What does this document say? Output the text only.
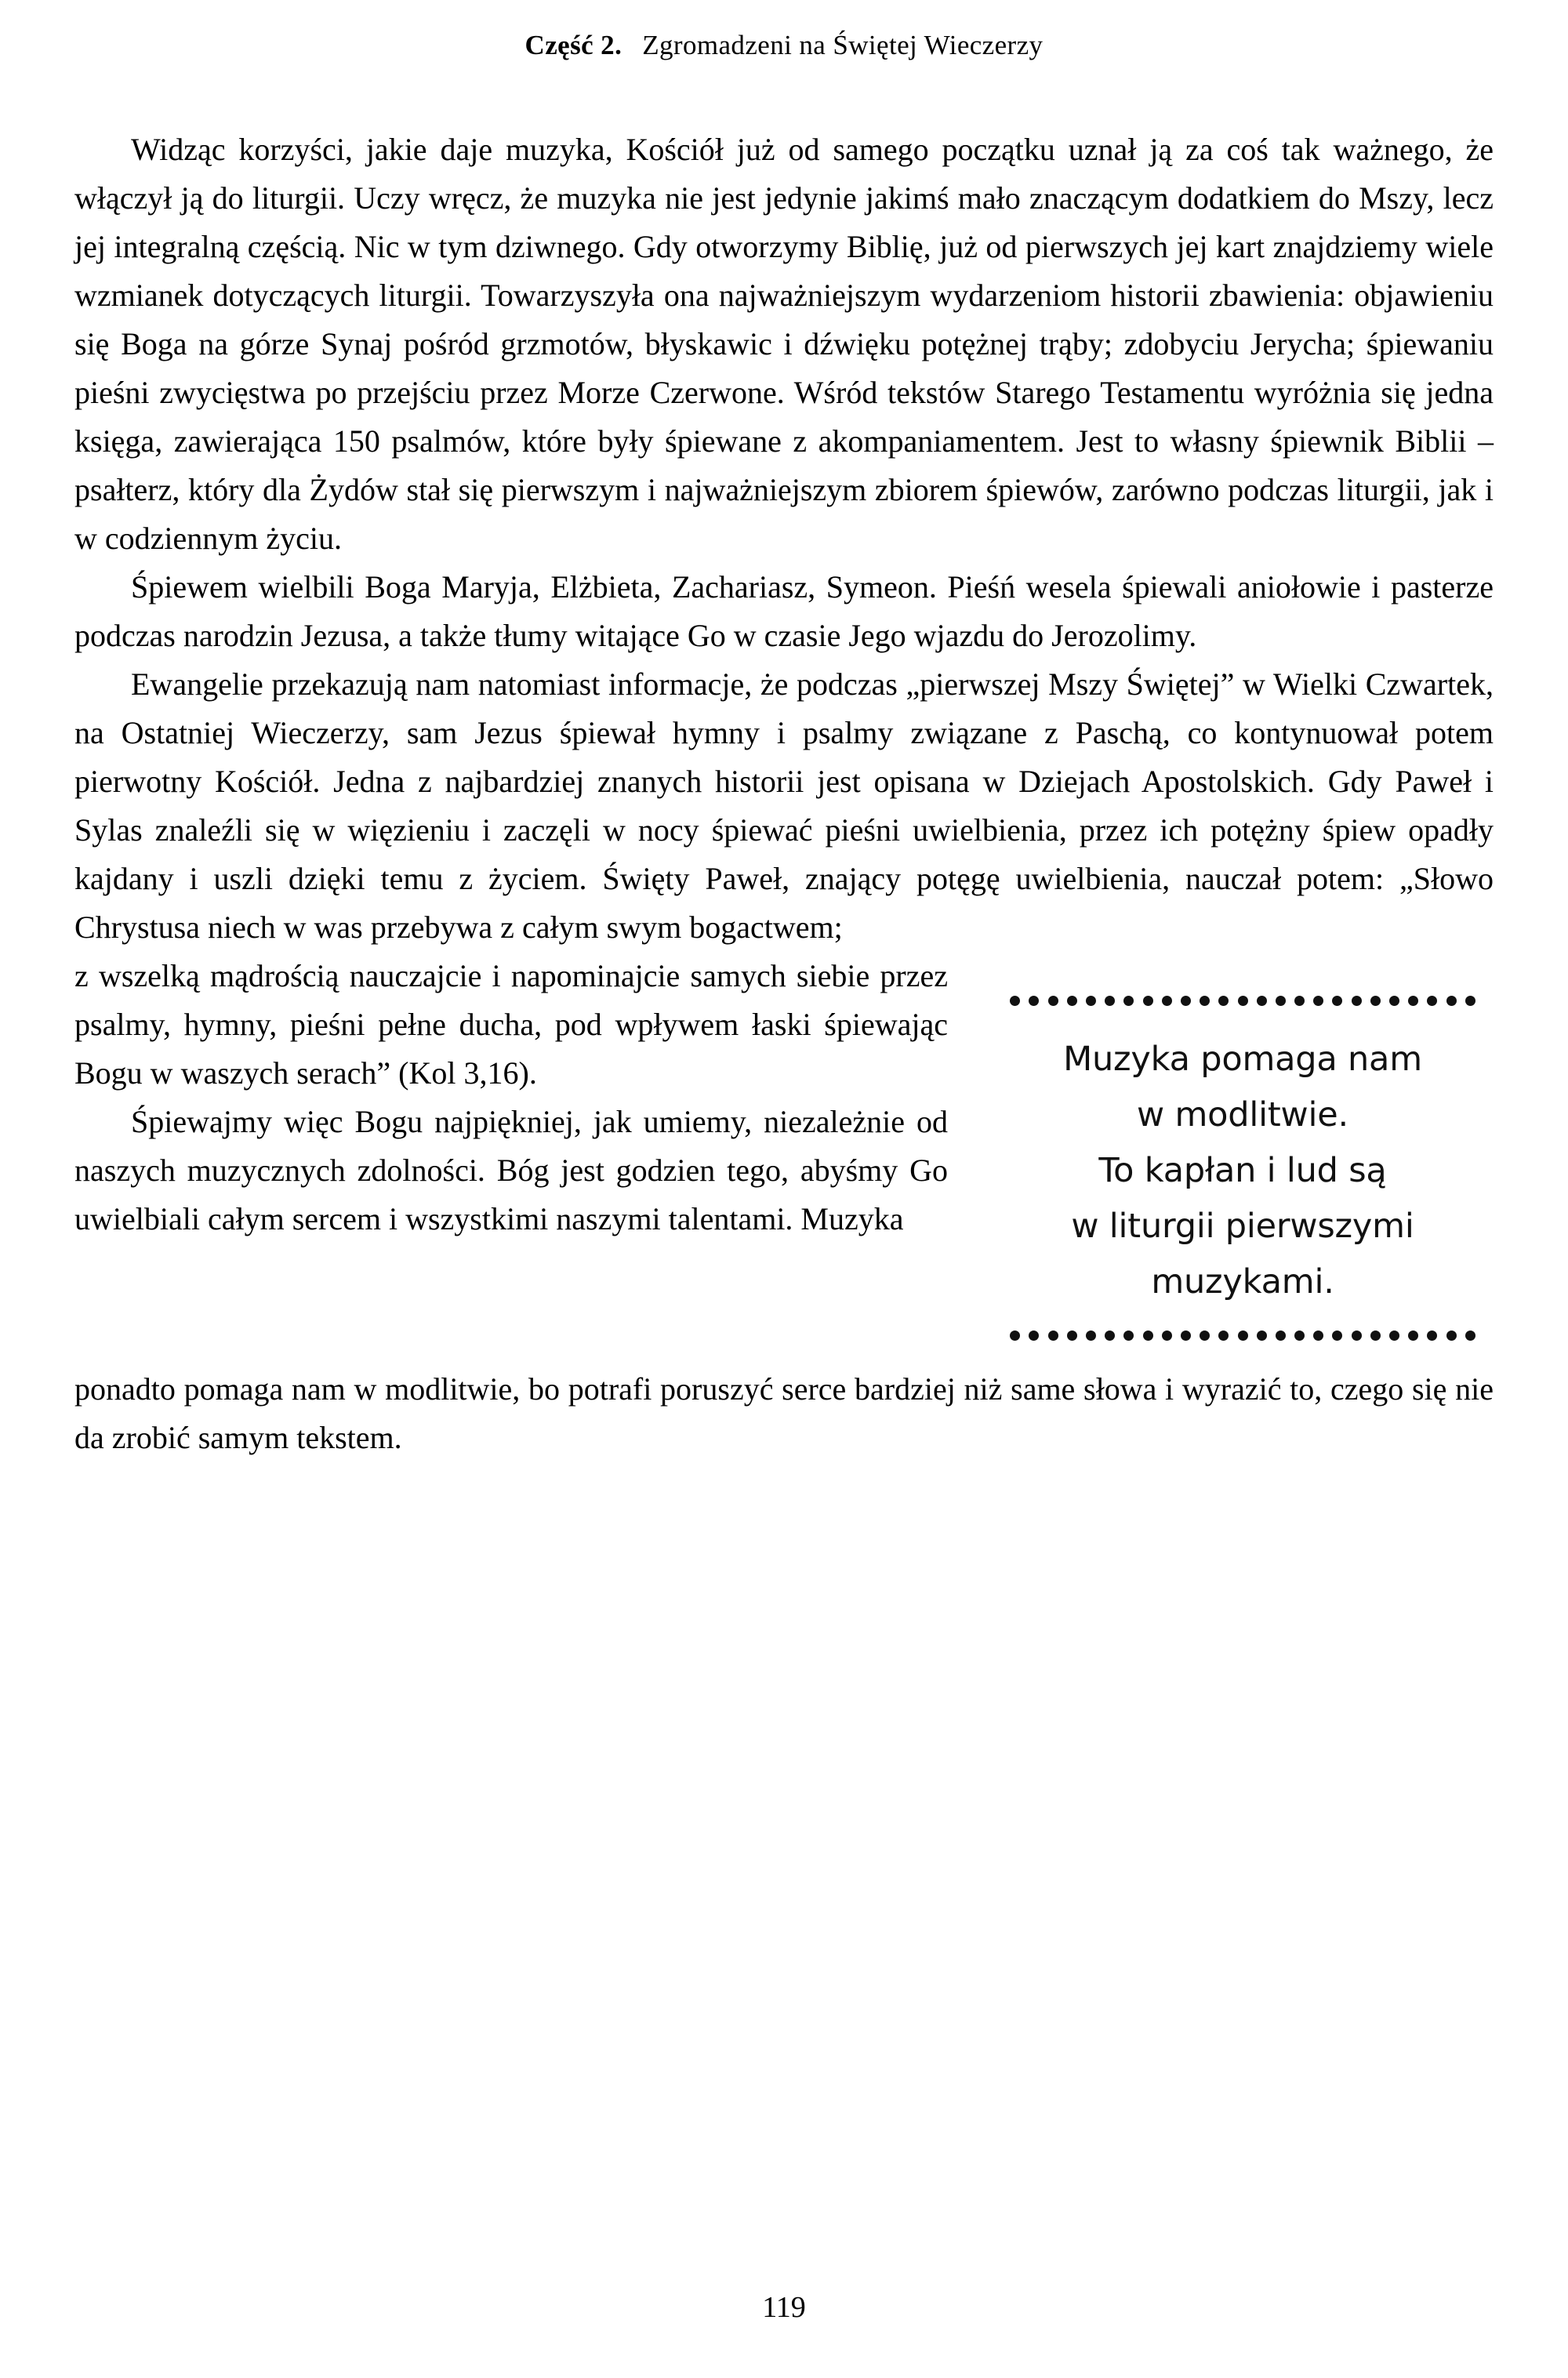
Część 2. Zgromadzeni na Świętej Wieczerzy

Widząc korzyści, jakie daje muzyka, Kościół już od samego początku uznał ją za coś tak ważnego, że włączył ją do liturgii. Uczy wręcz, że muzyka nie jest jedynie jakimś mało znaczącym dodatkiem do Mszy, lecz jej integralną częścią. Nic w tym dziwnego. Gdy otworzymy Biblię, już od pierwszych jej kart znajdziemy wiele wzmianek dotyczących liturgii. Towarzyszyła ona najważniejszym wydarzeniom historii zbawienia: objawieniu się Boga na górze Synaj pośród grzmotów, błyskawic i dźwięku potężnej trąby; zdobyciu Jerycha; śpiewaniu pieśni zwycięstwa po przejściu przez Morze Czerwone. Wśród tekstów Starego Testamentu wyróżnia się jedna księga, zawierająca 150 psalmów, które były śpiewane z akompaniamentem. Jest to własny śpiewnik Biblii – psałterz, który dla Żydów stał się pierwszym i najważniejszym zbiorem śpiewów, zarówno podczas liturgii, jak i w codziennym życiu.

Śpiewem wielbili Boga Maryja, Elżbieta, Zachariasz, Symeon. Pieśń wesela śpiewali aniołowie i pasterze podczas narodzin Jezusa, a także tłumy witające Go w czasie Jego wjazdu do Jerozolimy.

Ewangelie przekazują nam natomiast informacje, że podczas „pierwszej Mszy Świętej” w Wielki Czwartek, na Ostatniej Wieczerzy, sam Jezus śpiewał hymny i psalmy związane z Paschą, co kontynuował potem pierwotny Kościół. Jedna z najbardziej znanych historii jest opisana w Dziejach Apostolskich. Gdy Paweł i Sylas znaleźli się w więzieniu i zaczęli w nocy śpiewać pieśni uwielbienia, przez ich potężny śpiew opadły kajdany i uszli dzięki temu z życiem. Święty Paweł, znający potęgę uwielbienia, nauczał potem: „Słowo Chrystusa niech w was przebywa z całym swym bogactwem;

Muzyka pomaga nam
w modlitwie.
To kapłan i lud są
w liturgii pierwszymi
muzykami.

z wszelką mądrością nauczajcie i napominajcie samych siebie przez psalmy, hymny, pieśni pełne ducha, pod wpływem łaski śpiewając Bogu w waszych serach” (Kol 3,16).

Śpiewajmy więc Bogu najpiękniej, jak umiemy, niezależnie od naszych muzycznych zdolności. Bóg jest godzien tego, abyśmy Go uwielbiali całym sercem i wszystkimi naszymi talentami. Muzyka

ponadto pomaga nam w modlitwie, bo potrafi poruszyć serce bardziej niż same słowa i wyrazić to, czego się nie da zrobić samym tekstem.

119
